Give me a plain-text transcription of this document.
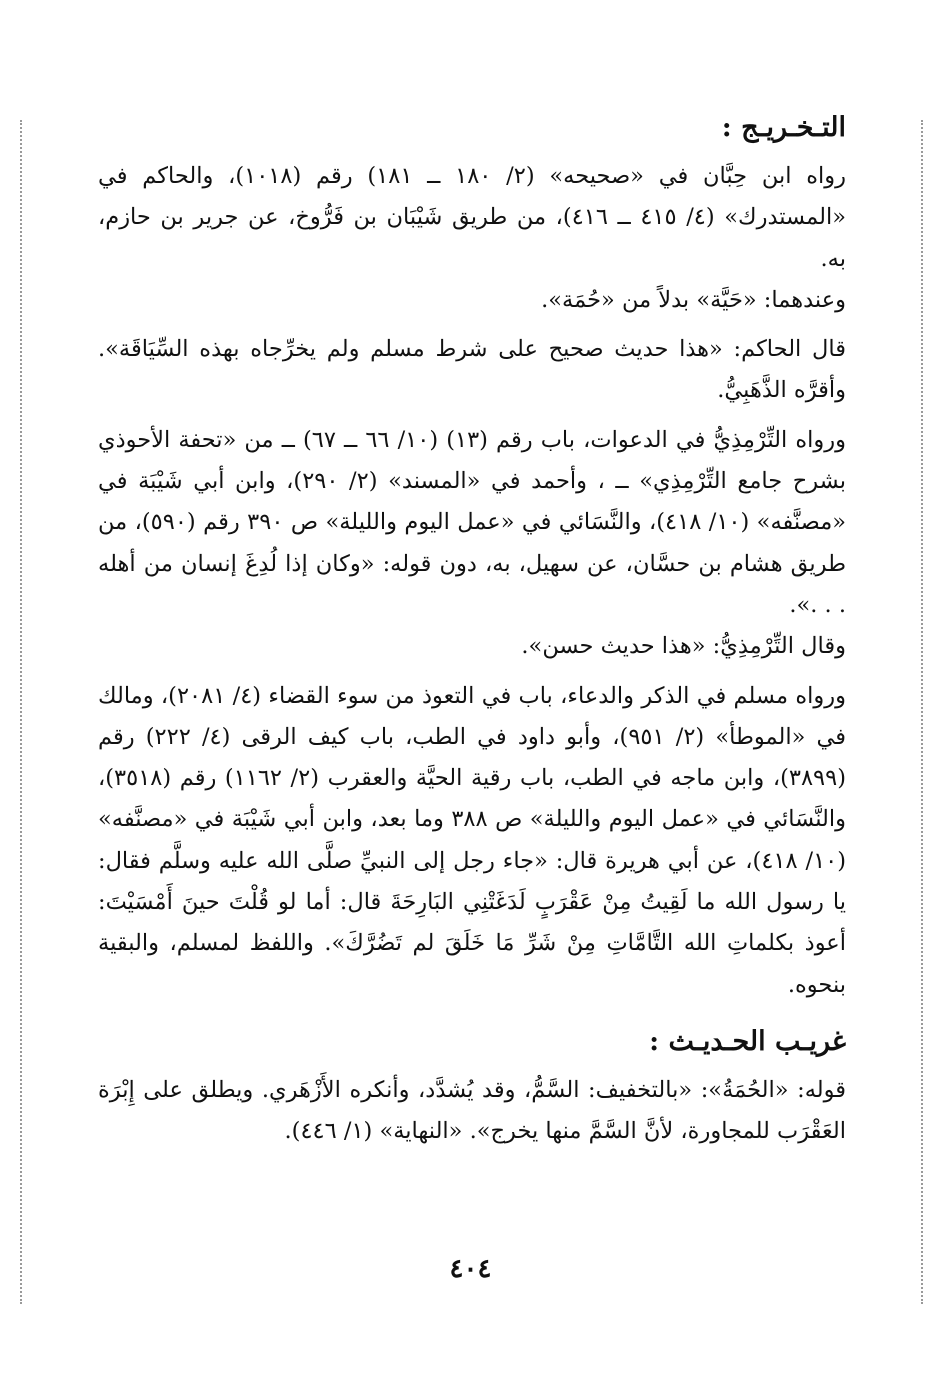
التـخـريـج :

رواه ابن حِبَّان في «صحيحه» (٢/ ١٨٠ ــ ١٨١) رقم (١٠١٨)، والحاكم في «المستدرك» (٤/ ٤١٥ ــ ٤١٦)، من طريق شَيْبَان بن فَرُّوخ، عن جرير بن حازم، به.

وعندهما: «حَيَّة» بدلاً من «حُمَة».

قال الحاكم: «هذا حديث صحيح على شرط مسلم ولم يخرِّجاه بهذه السِّيَاقَة». وأقرَّه الذَّهَبِيُّ.

ورواه التِّرْمِذِيُّ في الدعوات، باب رقم (١٣) (١٠/ ٦٦ ــ ٦٧) ــ من «تحفة الأحوذي بشرح جامع التِّرْمِذِي» ــ ، وأحمد في «المسند» (٢/ ٢٩٠)، وابن أبي شَيْبَة في «مصنَّفه» (١٠/ ٤١٨)، والنَّسَائي في «عمل اليوم والليلة» ص ٣٩٠ رقم (٥٩٠)، من طريق هشام بن حسَّان، عن سهيل، به، دون قوله: «وكان إذا لُدِغَ إنسان من أهله . . .».

وقال التِّرْمِذِيُّ: «هذا حديث حسن».

ورواه مسلم في الذكر والدعاء، باب في التعوذ من سوء القضاء (٤/ ٢٠٨١)، ومالك في «الموطأ» (٢/ ٩٥١)، وأبو داود في الطب، باب كيف الرقى (٤/ ٢٢٢) رقم (٣٨٩٩)، وابن ماجه في الطب، باب رقية الحيَّة والعقرب (٢/ ١١٦٢) رقم (٣٥١٨)، والنَّسَائي في «عمل اليوم والليلة» ص ٣٨٨ وما بعد، وابن أبي شَيْبَة في «مصنَّفه» (١٠/ ٤١٨)، عن أبي هريرة قال: «جاء رجل إلى النبيِّ صلَّى الله عليه وسلَّم فقال: يا رسول الله ما لَقِيتُ مِنْ عَقْرَبٍ لَدَغَتْنِي البَارِحَةَ قال: أما لو قُلْتَ حينَ أَمْسَيْتَ: أعوذ بكلماتِ الله التَّامَّاتِ مِنْ شَرِّ مَا خَلَقَ لم تَضُرَّكَ». واللفظ لمسلم، والبقية بنحوه.

غريـب الحـديـث :

قوله: «الحُمَةُ»: «بالتخفيف: السَّمُّ، وقد يُشدَّد، وأنكره الأَزْهَري. ويطلق على إِبْرَة العَقْرَب للمجاورة، لأنَّ السَّمَّ منها يخرج». «النهاية» (١/ ٤٤٦).

٤٠٤
